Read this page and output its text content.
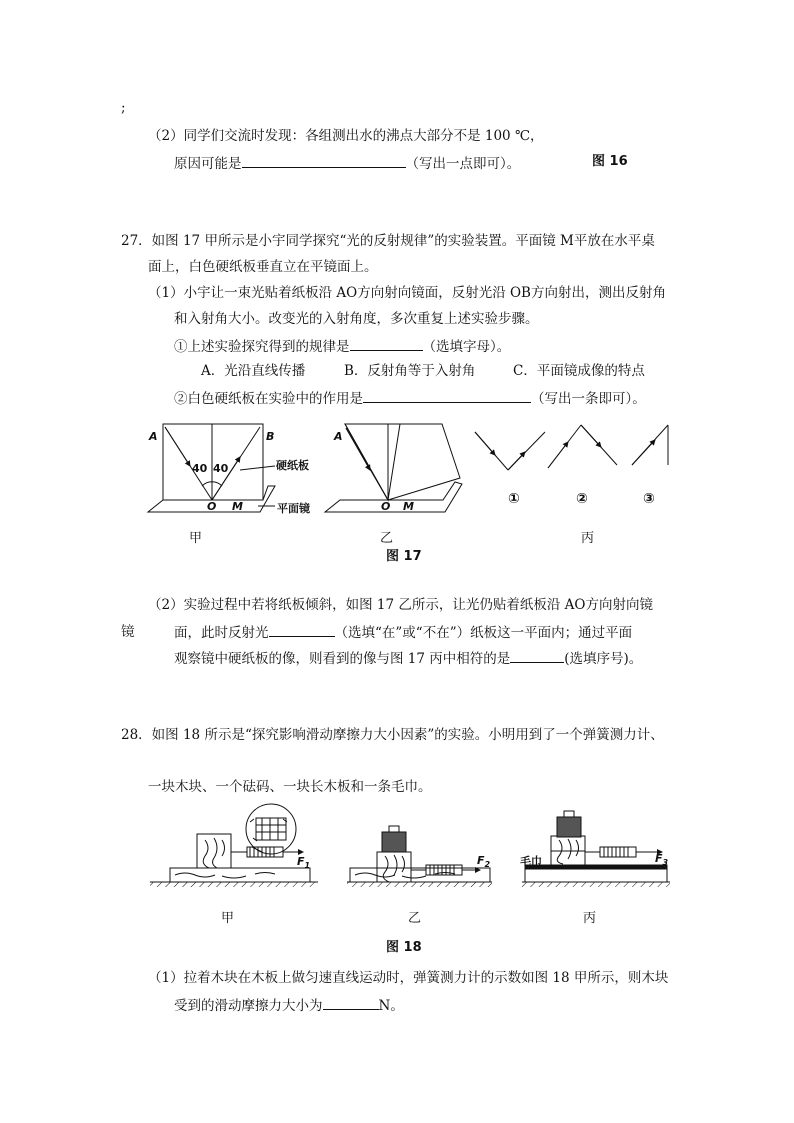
;
（2）同学们交流时发现：各组测出水的沸点大部分不是 100 ℃，
原因可能是	（写出一点即可）。	图 16
27．如图 17 甲所示是小宇同学探究“光的反射规律”的实验装置。平面镜 M平放在水平桌
面上，白色硬纸板垂直立在平镜面上。
（1）小宇让一束光贴着纸板沿 AO方向射向镜面，反射光沿 OB方向射出，测出反射角
和入射角大小。改变光的入射角度，多次重复上述实验步骤。
①上述实验探究得到的规律是	（选填字母）。
A．光沿直线传播	B．反射角等于入射角	C．平面镜成像的特点
②白色硬纸板在实验中的作用是	（写出一条即可）。
A	B
40 40
O M
硬纸板
平面镜
A
O M	①	②	③
甲	乙	丙
图 17
（2）实验过程中若将纸板倾斜，如图 17 乙所示，让光仍贴着纸板沿 AO方向射向镜
面，此时反射光	（选填“在”或“不在”）纸板这一平面内；通过平面
镜
观察镜中硬纸板的像，则看到的像与图 17 丙中相符的是	(选填序号)。
28．如图 18 所示是“探究影响滑动摩擦力大小因素”的实验。小明用到了一个弹簧测力计、
一块木块、一个砝码、一块长木板和一条毛巾。
$F_1$	$F_2$	$F_3$
毛巾
甲	乙	丙
图 18
（1）拉着木块在木板上做匀速直线运动时，弹簧测力计的示数如图 18 甲所示，则木块
受到的滑动摩擦力大小为	N。
